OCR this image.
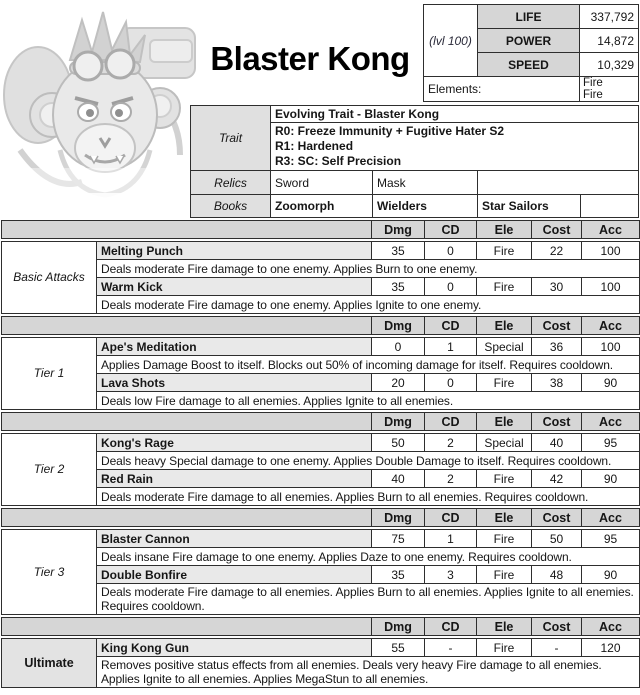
Blaster Kong	(lvl 100)	LIFE	337,792
	POWER	14,872
	SPEED	10,329
Elements:		Fire
Fire
Trait	Evolving Trait - Blaster Kong			

	R0: Freeze Immunity + Fugitive Hater S2
R1: Hardened
R3: SC: Self Precision			

Relics	Sword	Mask		
Books	Zoomorph	Wielders	Star Sailors	
	Dmg	CD	Ele	Cost	Acc
Basic Attacks	Melting Punch	35	0	Fire	22	100
	Deals moderate Fire damage to one enemy. Applies Burn to one enemy.					
	Warm Kick	35	0	Fire	30	100
	Deals moderate Fire damage to one enemy. Applies Ignite to one enemy.					
	Dmg	CD	Ele	Cost	Acc
Tier 1	Ape's Meditation	0	1	Special	36	100
	Applies Damage Boost to itself. Blocks out 50% of incoming damage for itself. Requires cooldown.					
	Lava Shots	20	0	Fire	38	90
	Deals low Fire damage to all enemies. Applies Ignite to all enemies.					
	Dmg	CD	Ele	Cost	Acc
Tier 2	Kong's Rage	50	2	Special	40	95
	Deals heavy Special damage to one enemy. Applies Double Damage to itself. Requires cooldown.					
	Red Rain	40	2	Fire	42	90
	Deals moderate Fire damage to all enemies. Applies Burn to all enemies. Requires cooldown.					
	Dmg	CD	Ele	Cost	Acc
Tier 3	Blaster Cannon	75	1	Fire	50	95
	Deals insane Fire damage to one enemy. Applies Daze to one enemy. Requires cooldown.					
	Double Bonfire	35	3	Fire	48	90
	Deals moderate Fire damage to all enemies. Applies Burn to all enemies. Applies Ignite to all enemies. Requires cooldown.					
	Dmg	CD	Ele	Cost	Acc
Ultimate	King Kong Gun	55	-	Fire	-	120
Removes positive status effects from all enemies. Deals very heavy Fire damage to all enemies. Applies Ignite to all enemies. Applies MegaStun to all enemies.
